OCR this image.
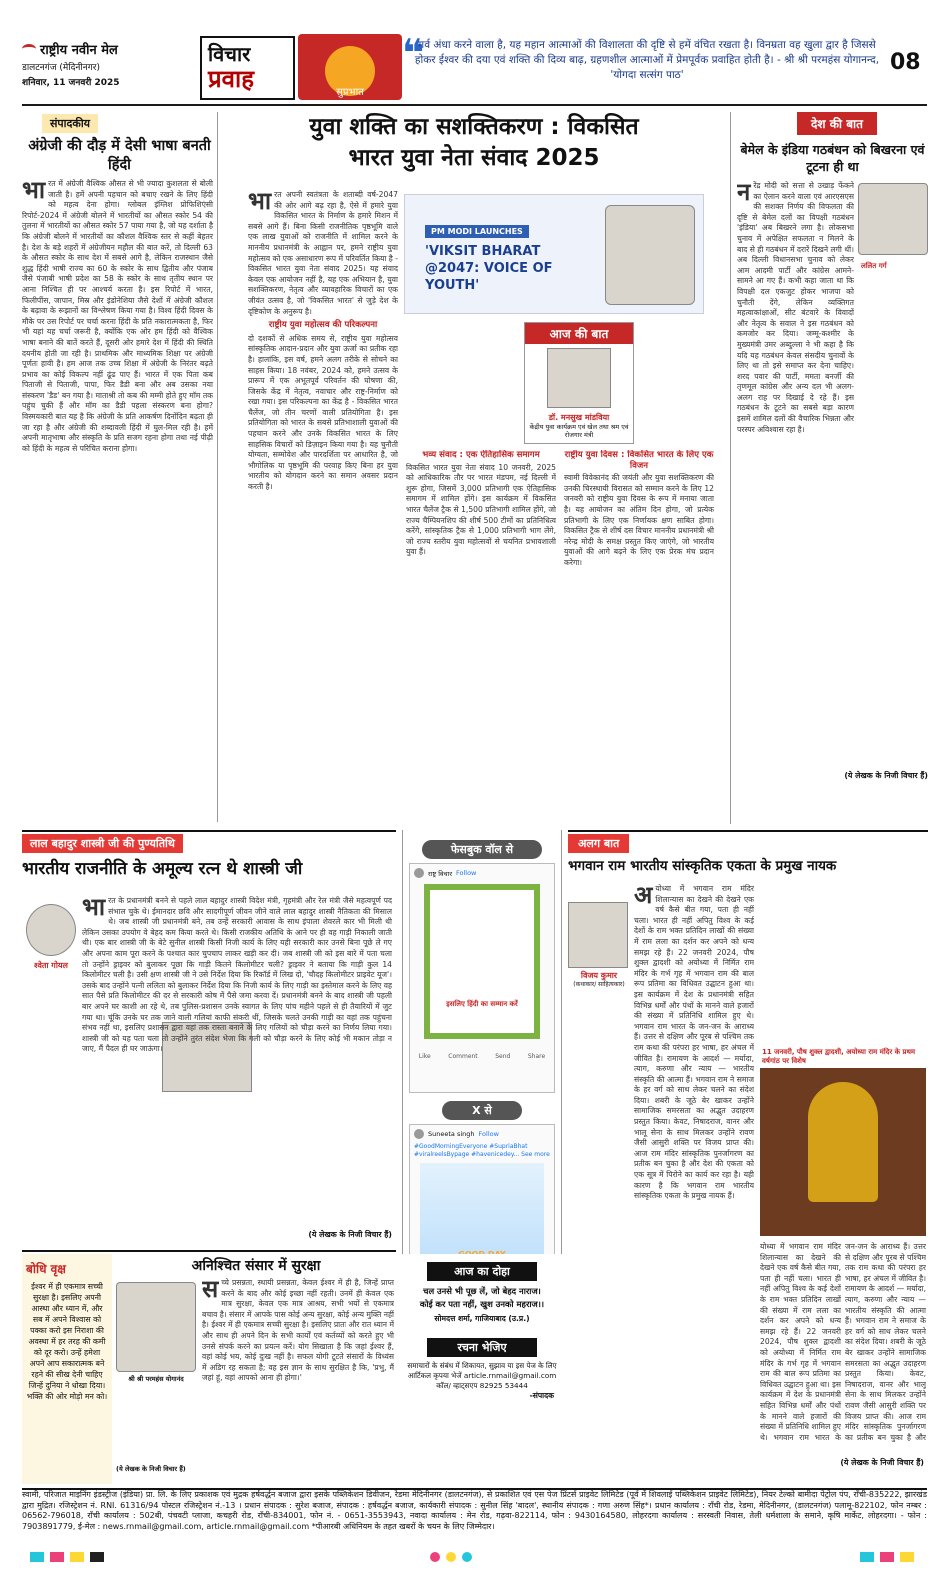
राष्ट्रीय नवीन मेल
डालटनगंज (मेदिनीनगर)
शनिवार, 11 जनवरी 2025
विचार
प्रवाह	सुप्रभात
❝
गर्व अंधा करने वाला है, यह महान आत्माओं की विशालता की दृष्टि से हमें वंचित रखता है। विनम्रता वह खुला द्वार है जिससे होकर ईश्वर की दया एवं शक्ति की दिव्य बाढ़, ग्रहणशील आत्माओं में प्रेमपूर्वक प्रवाहित होती है। - श्री श्री परमहंस योगानन्द, 'योगदा सत्संग पाठ'	08
संपादकीय
अंग्रेजी की दौड़ में देसी भाषा बनती हिंदी
भारत में अंग्रेजी वैश्विक औसत से भी ज्यादा कुशलता से बोली जाती है। हमें अपनी पहचान को बचाए रखने के लिए हिंदी को महत्व देना होगा। ग्लोबल इंग्लिश प्रोफिशिएंसी रिपोर्ट-2024 में अंग्रेजी बोलने में भारतीयों का औसत स्कोर 54 की तुलना में भारतीयों का औसत स्कोर 57 पाया गया है, जो यह दर्शाता है कि अंग्रेजी बोलने में भारतीयों का कौशल वैश्विक स्तर से कहीं बेहतर है। देश के बड़े शहरों में अंग्रेजीयन महौल की बात करें, तो दिल्ली 63 के औसत स्कोर के साथ देश में सबसे आगे है, लेकिन राजस्थान जैसे शुद्ध हिंदी भाषी राज्य का 60 के स्कोर के साथ द्वितीय और पंजाब जैसे पंजाबी भाषी प्रदेश का 58 के स्कोर के साथ तृतीय स्थान पर आना निश्चित ही पर आश्चर्य करता है। इस रिपोर्ट में भारत, फिलीपींस, जापान, मिस्र और इंडोनेशिया जैसे देशों में अंग्रेजी कौशल के बढ़ावा के रूझानों का विश्लेषण किया गया है। विश्व हिंदी दिवस के मौके पर उस रिपोर्ट पर चर्चा करना हिंदी के प्रति नकारात्मकता है, फिर भी यहां यह चर्चा जरूरी है, क्योंकि एक ओर हम हिंदी को वैश्विक भाषा बनाने की बातें करते हैं, दूसरी ओर हमारे देश में हिंदी की स्थिति दयनीय होती जा रही है। प्राथमिक और माध्यमिक शिक्षा पर अंग्रेजी पूर्णतः हावी है। हम आज तक उच्च शिक्षा में अंग्रेजी के निरंतर बढ़ते प्रभाव का कोई विकल्प नहीं ढूंढ पाए हैं। भारत में एक पिता कब पिताजी से पिताजी, पापा, फिर डैडी बना और अब उसका नया संस्करण 'डैड' बन गया है। माताश्री तो कब की मम्मी होते हुए मॉम तक पहुंच चुकी हैं और मॉम का डैडी पहला संस्करण बना होगा? विस्मयकारी बात यह है कि अंग्रेजी के प्रति आकर्षण दिनोंदिन बढ़ता ही जा रहा है और अंग्रेजी की शब्दावली हिंदी में घुल-मिल रही है। हमें अपनी मातृभाषा और संस्कृति के प्रति सजग रहना होगा तथा नई पीढ़ी को हिंदी के महत्व से परिचित कराना होगा।
युवा शक्ति का सशक्तिकरण : विकसित
भारत युवा नेता संवाद 2025
भारत अपनी स्वतंत्रता के शताब्दी वर्ष-2047 की ओर आगे बढ़ रहा है, ऐसे में हमारे युवा विकसित भारत के निर्माण के हमारे मिशन में सबसे आगे हैं। बिना किसी राजनीतिक पृष्ठभूमि वाले एक लाख युवाओं को राजनीति में शामिल करने के माननीय प्रधानमंत्री के आह्वान पर, हमने राष्ट्रीय युवा महोत्सव को एक असाधारण रूप में परिवर्तित किया है - विकसित भारत युवा नेता संवाद 2025। यह संवाद केवल एक आयोजन नहीं है, यह एक अभियान है, युवा सशक्तिकरण, नेतृत्व और व्यावहारिक विचारों का एक जीवंत उत्सव है, जो 'विकसित भारत' से जुड़े देश के दृष्टिकोण के अनुरूप है।
राष्ट्रीय युवा महोत्सव की परिकल्पना
दो दशकों से अधिक समय से, राष्ट्रीय युवा महोत्सव सांस्कृतिक आदान-प्रदान और युवा ऊर्जा का प्रतीक रहा है। हालांकि, इस वर्ष, हमने अलग तरीके से सोचने का साहस किया। 18 नवंबर, 2024 को, हमने उत्सव के प्रारूप में एक अभूतपूर्व परिवर्तन की घोषणा की, जिसके केंद्र में नेतृत्व, नवाचार और राष्ट्र-निर्माण को रखा गया। इस परिकल्पना का केंद्र है - विकसित भारत चैलेंज, जो तीन चरणों वाली प्रतियोगिता है। इस प्रतियोगिता को भारत के सबसे प्रतिभाशाली युवाओं की पहचान करने और उनके विकसित भारत के लिए साहसिक विचारों को डिज़ाइन किया गया है। यह चुनौती योग्यता, सम्मोवेश और पारदर्शिता पर आधारित है, जो भौगोलिक या पृष्ठभूमि की परवाह किए बिना हर युवा भारतीय को योगदान करने का समान अवसर प्रदान करती है।
PM MODI LAUNCHES
'VIKSIT BHARAT @2047: VOICE OF YOUTH'
आज की बात
डॉ. मनसुख मांडविया
केंद्रीय युवा कार्यक्रम एवं खेल तथा श्रम एवं रोजगार मंत्री
भव्य संवाद : एक ऐतिहासिक समागम
विकसित भारत युवा नेता संवाद 10 जनवरी, 2025 को आधिकारिक तौर पर भारत मंडपम, नई दिल्ली में शुरू होगा, जिसमें 3,000 प्रतिभागी एक ऐतिहासिक समागम में शामिल होंगे। इस कार्यक्रम में विकसित भारत चैलेंज ट्रैक से 1,500 प्रतिभागी शामिल होंगे, जो राज्य चैम्पियनशिप की शीर्ष 500 टीमों का प्रतिनिधित्व करेंगे, सांस्कृतिक ट्रैक से 1,000 प्रतिभागी भाग लेंगे, जो राज्य स्तरीय युवा महोत्सवों से चयनित प्रभावशाली युवा हैं।
राष्ट्रीय युवा दिवस : विकसित भारत के लिए एक विजन
स्वामी विवेकानंद की जयंती और युवा सशक्तिकरण की उनकी चिरस्थायी विरासत को सम्मान करने के लिए 12 जनवरी को राष्ट्रीय युवा दिवस के रूप में मनाया जाता है। यह आयोजन का अंतिम दिन होगा, जो प्रत्येक प्रतिभागी के लिए एक निर्णायक क्षण साबित होगा। विकसित ट्रैक से शीर्ष दस विचार माननीय प्रधानमंत्री श्री नरेन्द्र मोदी के समक्ष प्रस्तुत किए जाएंगे, जो भारतीय युवाओं की आगे बढ़ने के लिए एक प्रेरक मंच प्रदान करेगा।
देश की बात
बेमेल के इंडिया गठबंधन को बिखरना एवं टूटना ही था
नरेंद्र मोदी को सत्ता से उखाड़ फेंकने का ऐलान करने वाला एवं आरएसएस की सशक्त निर्णय की विफलता की दृष्टि से बेमेल दलों का विपक्षी गठबंधन 'इंडिया' अब बिखरने लगा है। लोकसभा चुनाव में अपेक्षित सफलता न मिलने के बाद से ही गठबंधन में दरारें दिखने लगी थीं। अब दिल्ली विधानसभा चुनाव को लेकर आम आदमी पार्टी और कांग्रेस आमने-सामने आ गए हैं। कभी कहा जाता था कि विपक्षी दल एकजुट होकर भाजपा को चुनौती देंगे, लेकिन व्यक्तिगत महत्वाकांक्षाओं, सीट बंटवारे के विवादों और नेतृत्व के सवाल ने इस गठबंधन को कमजोर कर दिया। जम्मू-कश्मीर के मुख्यमंत्री उमर अब्दुल्ला ने भी कहा है कि यदि यह गठबंधन केवल संसदीय चुनावों के लिए था तो इसे समाप्त कर देना चाहिए। शरद पवार की पार्टी, ममता बनर्जी की तृणमूल कांग्रेस और अन्य दल भी अलग-अलग राह पर दिखाई दे रहे हैं। इस गठबंधन के टूटने का सबसे बड़ा कारण इसमें शामिल दलों की वैचारिक भिन्नता और परस्पर अविश्वास रहा है।
(ये लेखक के निजी विचार हैं)
ललित गर्ग
लाल बहादुर शास्त्री जी की पुण्यतिथि
भारतीय राजनीति के अमूल्य रत्न थे शास्त्री जी
श्वेता गोयल
भारत के प्रधानमंत्री बनने से पहले लाल बहादुर शास्त्री विदेश मंत्री, गृहमंत्री और रेल मंत्री जैसे महत्वपूर्ण पद संभाल चुके थे। ईमानदार छवि और सादगीपूर्ण जीवन जीने वाले लाल बहादुर शास्त्री नैतिकता की मिसाल थे। जब शास्त्री जी प्रधानमंत्री बने, तब उन्हें सरकारी आवास के साथ इंपाला शेवरले कार भी मिली थी लेकिन उसका उपयोग वे बेहद कम किया करते थे। किसी राजकीय अतिथि के आने पर ही वह गाड़ी निकाली जाती थी। एक बार शास्त्री जी के बेटे सुनील शास्त्री किसी निजी कार्य के लिए यही सरकारी कार उनसे बिना पूछे ले गए और अपना काम पूरा करने के पश्चात कार चुपचाप लाकर खड़ी कर दी। जब शास्त्री जी को इस बारे में पता चला तो उन्होंने ड्राइवर को बुलाकर पूछा कि गाड़ी कितने किलोमीटर चली? ड्राइवर ने बताया कि गाड़ी कुल 14 किलोमीटर चली है। उसी क्षण शास्त्री जी ने उसे निर्देश दिया कि रिकॉर्ड में लिख दो, 'चौदह किलोमीटर प्राइवेट यूज'। उसके बाद उन्होंने पत्नी ललिता को बुलाकर निर्देश दिया कि निजी कार्य के लिए गाड़ी का इस्तेमाल करने के लिए वह सात पैसे प्रति किलोमीटर की दर से सरकारी कोष में पैसे जमा करवा दें। प्रधानमंत्री बनने के बाद शास्त्री जी पहली बार अपने घर काशी आ रहे थे, तब पुलिस-प्रशासन उनके स्वागत के लिए पांच महीने पहले से ही तैयारियों में जुट गया था। चूंकि उनके घर तक जाने वाली गलियां काफी संकरी थीं, जिसके चलते उनकी गाड़ी का वहां तक पहुंचना संभव नहीं था, इसलिए प्रशासन द्वारा वहां तक रास्ता बनाने के लिए गलियों को चौड़ा करने का निर्णय लिया गया। शास्त्री जी को यह पता चला तो उन्होंने तुरंत संदेश भेजा कि गली को चौड़ा करने के लिए कोई भी मकान तोड़ा न जाए, मैं पैदल ही घर जाऊंगा।
(ये लेखक के निजी विचार हैं)
बोधि वृक्ष
ईश्वर में ही एकमात्र सच्ची सुरक्षा है। इसलिए अपनी आस्था और ध्यान में, और सब में अपने विश्वास को पक्का करो इस निराशा की अवस्था में हर तरह की कमी को दूर करो। उन्हें हमेशा अपने आप सकारात्मक बने रहने की सीख देनी चाहिए जिन्हें दुनिया ने धोखा दिया। भक्ति की ओर मोड़ो मन को।
अनिश्चित संसार में सुरक्षा
श्री श्री परमहंस योगानंद
सच्चे प्रसन्नता, स्थायी प्रसन्नता, केवल ईश्वर में ही है, जिन्हें प्राप्त करने के बाद और कोई इच्छा नहीं रहती। उनमें ही केवल एक मात्र सुरक्षा, केवल एक मात्र आश्रय, सभी भयों से एकमात्र बचाव है। संसार में आपके पास कोई अन्य सुरक्षा, कोई अन्य मुक्ति नहीं है। ईश्वर में ही एकमात्र सच्ची सुरक्षा है। इसलिए प्रातः और रात ध्यान में और साथ ही अपने दिन के सभी कार्यों एवं कर्तव्यों को करते हुए भी उनसे संपर्क करने का प्रयत्न करें। योग सिखाता है कि जहां ईश्वर हैं, वहां कोई भय, कोई दुःख नहीं है। सफल योगी टूटते संसारों के विध्वंस में अडिग रह सकता है; वह इस ज्ञान के साथ सुरक्षित है कि, 'प्रभु, मैं जहां हूं, वहां आपको आना ही होगा।'
(ये लेखक के निजी विचार हैं)
फेसबुक वॉल से
राष्ट्र विचार Follow
इसलिए हिंदी का सम्मान करें
Like	Comment	Send	Share
X से
Suneeta singh Follow
#GoodMorningEveryone #SupriaBhat #viralreelsBypage #havenicedey... See more
आज का दोहा
चल उनसे भी पूछ लें, जो बेहद नाराज।
कोई कर पता नहीं, खुश उनको महराज।।
सोमदत्त शर्मा, गाजियाबाद (उ.प्र.)
रचना भेजिए
समाचारों के संबंध में शिकायत, सुझाव या इस पेज के लिए आर्टिकल कृपया भेजें article.rnmail@gmail.com कॉल/ व्हाट्सएप 82925 53444
-संपादक
अलग बात
भगवान राम भारतीय सांस्कृतिक एकता के प्रमुख नायक
विजय कुमार
(कथाकार/ साहित्यकार)
अयोध्या में भगवान राम मंदिर शिलान्यास का देखने की देखने एक वर्ष कैसे बीत गया, पता ही नहीं चला। भारत ही नहीं अपितु विश्व के कई देशों के राम भक्त प्रतिदिन लाखों की संख्या में राम लला का दर्शन कर अपने को धन्य समझ रहे हैं। 22 जनवरी 2024, पौष शुक्ल द्वादशी को अयोध्या में निर्मित राम मंदिर के गर्भ गृह में भगवान राम की बाल रूप प्रतिमा का विधिवत उद्घाटन हुआ था। इस कार्यक्रम में देश के प्रधानमंत्री सहित विभिन्न धर्मों और पंथों के मानने वाले हजारों की संख्या में प्रतिनिधि शामिल हुए थे। भगवान राम भारत के जन-जन के आराध्य हैं। उत्तर से दक्षिण और पूरब से पश्चिम तक राम कथा की परंपरा हर भाषा, हर अंचल में जीवित है। रामायण के आदर्श — मर्यादा, त्याग, करुणा और न्याय — भारतीय संस्कृति की आत्मा हैं। भगवान राम ने समाज के हर वर्ग को साथ लेकर चलने का संदेश दिया। शबरी के जूठे बेर खाकर उन्होंने सामाजिक समरसता का अद्भुत उदाहरण प्रस्तुत किया। केवट, निषादराज, वानर और भालू सेना के साथ मिलकर उन्होंने रावण जैसी आसुरी शक्ति पर विजय प्राप्त की। आज राम मंदिर सांस्कृतिक पुनर्जागरण का प्रतीक बन चुका है और देश की एकता को एक सूत्र में पिरोने का कार्य कर रहा है। यही कारण है कि भगवान राम भारतीय सांस्कृतिक एकता के प्रमुख नायक हैं।
11 जनवरी, पौष शुक्ल द्वादशी, अयोध्या राम मंदिर के प्रथम वर्षगांठ पर विशेष
योध्या में भगवान राम मंदिर शिलान्यास का देखने की देखने एक वर्ष कैसे बीत गया, पता ही नहीं चला। भारत ही नहीं अपितु विश्व के कई देशों के राम भक्त प्रतिदिन लाखों की संख्या में राम लला का दर्शन कर अपने को धन्य समझ रहे हैं। 22 जनवरी 2024, पौष शुक्ल द्वादशी को अयोध्या में निर्मित राम मंदिर के गर्भ गृह में भगवान राम की बाल रूप प्रतिमा का विधिवत उद्घाटन हुआ था। इस कार्यक्रम में देश के प्रधानमंत्री सहित विभिन्न धर्मों और पंथों के मानने वाले हजारों की संख्या में प्रतिनिधि शामिल हुए थे। भगवान राम भारत के जन-जन के आराध्य हैं। उत्तर से दक्षिण और पूरब से पश्चिम तक राम कथा की परंपरा हर भाषा, हर अंचल में जीवित है। रामायण के आदर्श — मर्यादा, त्याग, करुणा और न्याय — भारतीय संस्कृति की आत्मा हैं। भगवान राम ने समाज के हर वर्ग को साथ लेकर चलने का संदेश दिया। शबरी के जूठे बेर खाकर उन्होंने सामाजिक समरसता का अद्भुत उदाहरण प्रस्तुत किया। केवट, निषादराज, वानर और भालू सेना के साथ मिलकर उन्होंने रावण जैसी आसुरी शक्ति पर विजय प्राप्त की। आज राम मंदिर सांस्कृतिक पुनर्जागरण का प्रतीक बन चुका है और
(ये लेखक के निजी विचार हैं)
स्वामी, परिजात माइनिंग इंडस्ट्रीज (इंडिया) प्रा. लि. के लिए प्रकाशक एवं मुद्रक हर्षवर्द्धन बजाज द्वारा इसके पब्लिकेशन डिवीजन, रेडमा मेदिनीनगर (डालटनगंज), से प्रकाशित एवं एस पेज प्रिंटर्स प्राइवेट लिमिटेड (पूर्व में शिवलाई पब्लिकेशन प्राइवेट लिमिटेड), नियर टेल्को बामीदा पेट्रोल पंप, राँची-835222, झारखंड द्वारा मुद्रित। रजिस्ट्रेशन नं. RNI. 61316/94 पोस्टल रजिस्ट्रेशन नं.-13 । प्रधान संपादक : सुरेश बजाज, संपादक : हर्षवर्द्धन बजाज, कार्यकारी संपादक : सुनील सिंह 'बादल', स्थानीय संपादक : गणा अरुण सिंह*। प्रधान कार्यालय : राँची रोड, रेडमा, मेदिनीनगर, (डालटनगंज) पलामू-822102, फोन नम्बर : 06562-796018, राँची कार्यालय : 502बी, पंचवटी प्लाजा, कचहरी रोड, राँची-834001, फोन नं. - 0651-3553943, नवादा कार्यालय : मेन रोड, गढ़वा-822114, फोन : 9430164580, लोहरदगा कार्यालय : सरस्वती निवास, तेली धर्मशाला के समाने, कृषि मार्केट, लोहरदगा। - फोन : 7903891779, ई-मेल : news.rnmail@gmail.com, article.rnmail@gmail.com *पीआरबी अधिनियम के तहत खबरों के चयन के लिए जिम्मेदार।
